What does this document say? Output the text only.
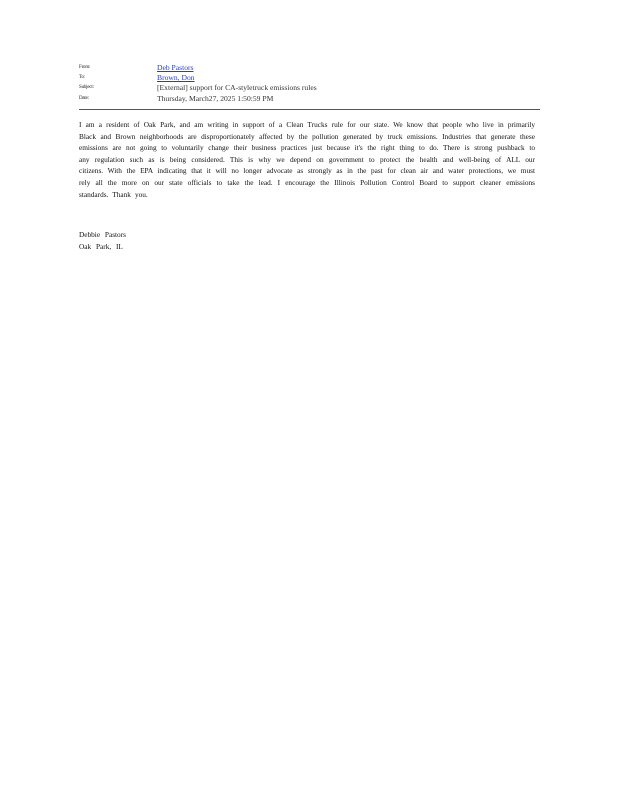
From:	Deb Pastors
To:	Brown, Don
Subject:	[External] support for CA-styletruck emissions rules
Date:	Thursday, March27, 2025 1:50:59 PM
I am a resident of Oak Park, and am writing in support of a Clean Trucks rule for our state. We know that people who live in primarily Black and Brown neighborhoods are disproportionately affected by the pollution generated by truck emissions. Industries that generate these emissions are not going to voluntarily change their business practices just because it's the right thing to do. There is strong pushback to any regulation such as is being considered. This is why we depend on government to protect the health and well-being of ALL our citizens. With the EPA indicating that it will no longer advocate as strongly as in the past for clean air and water protections, we must rely all the more on our state officials to take the lead. I encourage the Illinois Pollution Control Board to support cleaner emissions standards. Thank you.
Debbie Pastors
Oak Park, IL
